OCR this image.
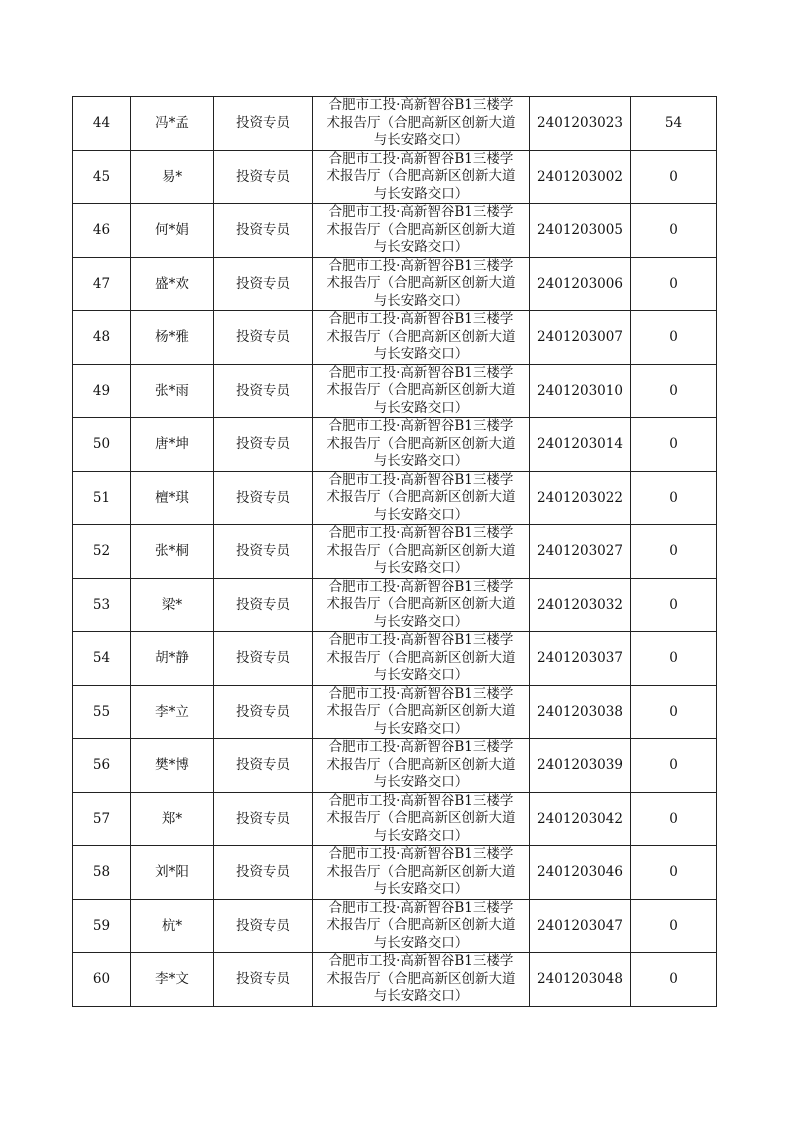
44	冯*孟	投资专员	合肥市工投·高新智谷B1三楼学
术报告厅（合肥高新区创新大道
与长安路交口）	2401203023	54
45	易*	投资专员	合肥市工投·高新智谷B1三楼学
术报告厅（合肥高新区创新大道
与长安路交口）	2401203002	0
46	何*娟	投资专员	合肥市工投·高新智谷B1三楼学
术报告厅（合肥高新区创新大道
与长安路交口）	2401203005	0
47	盛*欢	投资专员	合肥市工投·高新智谷B1三楼学
术报告厅（合肥高新区创新大道
与长安路交口）	2401203006	0
48	杨*雅	投资专员	合肥市工投·高新智谷B1三楼学
术报告厅（合肥高新区创新大道
与长安路交口）	2401203007	0
49	张*雨	投资专员	合肥市工投·高新智谷B1三楼学
术报告厅（合肥高新区创新大道
与长安路交口）	2401203010	0
50	唐*坤	投资专员	合肥市工投·高新智谷B1三楼学
术报告厅（合肥高新区创新大道
与长安路交口）	2401203014	0
51	檀*琪	投资专员	合肥市工投·高新智谷B1三楼学
术报告厅（合肥高新区创新大道
与长安路交口）	2401203022	0
52	张*桐	投资专员	合肥市工投·高新智谷B1三楼学
术报告厅（合肥高新区创新大道
与长安路交口）	2401203027	0
53	梁*	投资专员	合肥市工投·高新智谷B1三楼学
术报告厅（合肥高新区创新大道
与长安路交口）	2401203032	0
54	胡*静	投资专员	合肥市工投·高新智谷B1三楼学
术报告厅（合肥高新区创新大道
与长安路交口）	2401203037	0
55	李*立	投资专员	合肥市工投·高新智谷B1三楼学
术报告厅（合肥高新区创新大道
与长安路交口）	2401203038	0
56	樊*博	投资专员	合肥市工投·高新智谷B1三楼学
术报告厅（合肥高新区创新大道
与长安路交口）	2401203039	0
57	郑*	投资专员	合肥市工投·高新智谷B1三楼学
术报告厅（合肥高新区创新大道
与长安路交口）	2401203042	0
58	刘*阳	投资专员	合肥市工投·高新智谷B1三楼学
术报告厅（合肥高新区创新大道
与长安路交口）	2401203046	0
59	杭*	投资专员	合肥市工投·高新智谷B1三楼学
术报告厅（合肥高新区创新大道
与长安路交口）	2401203047	0
60	李*文	投资专员	合肥市工投·高新智谷B1三楼学
术报告厅（合肥高新区创新大道
与长安路交口）	2401203048	0
